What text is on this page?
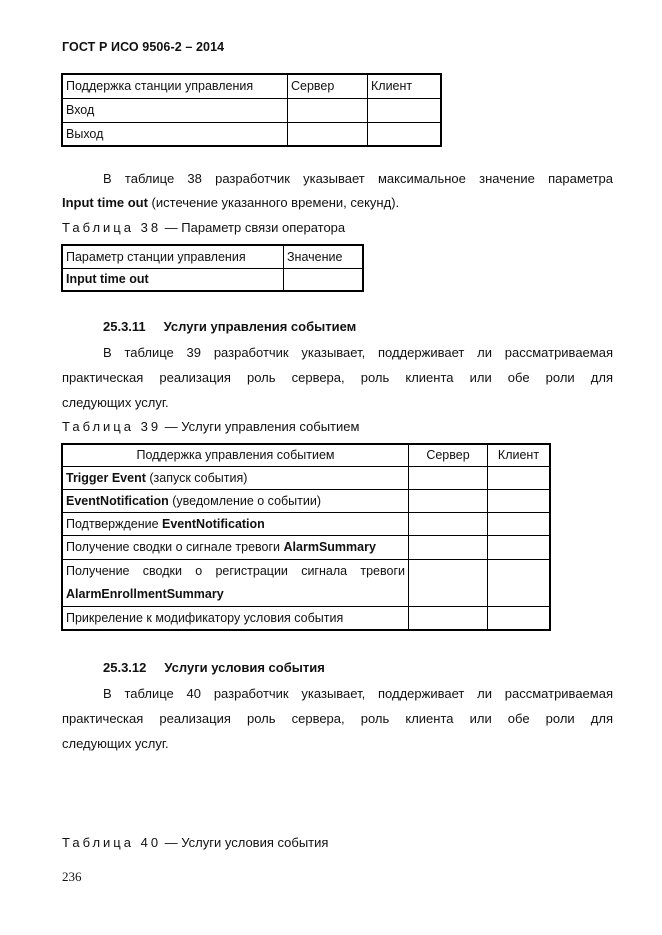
ГОСТ Р ИСО 9506-2 – 2014
Поддержка станции управления	Сервер	Клиент
Вход		
Выход		
В таблице 38 разработчик указывает максимальное значение параметра
Input time out (истечение указанного времени, секунд).
Таблица 38 — Параметр связи оператора
Параметр станции управления	Значение
Input time out	
25.3.11 Услуги управления событием
В таблице 39 разработчик указывает, поддерживает ли рассматриваемая
практическая реализация роль сервера, роль клиента или обе роли для
следующих услуг.
Таблица 39 — Услуги управления событием
Поддержка управления событием	Сервер	Клиент
Trigger Event (запуск события)		
EventNotification (уведомление о событии)		
Подтверждение EventNotification		
Получение сводки о сигнале тревоги AlarmSummary		

Получение сводки о регистрации сигнала тревоги
AlarmEnrollmentSummary		
Прикреление к модификатору условия события		
25.3.12 Услуги условия события
В таблице 40 разработчик указывает, поддерживает ли рассматриваемая
практическая реализация роль сервера, роль клиента или обе роли для
следующих услуг.
Таблица 40 — Услуги условия события
236
